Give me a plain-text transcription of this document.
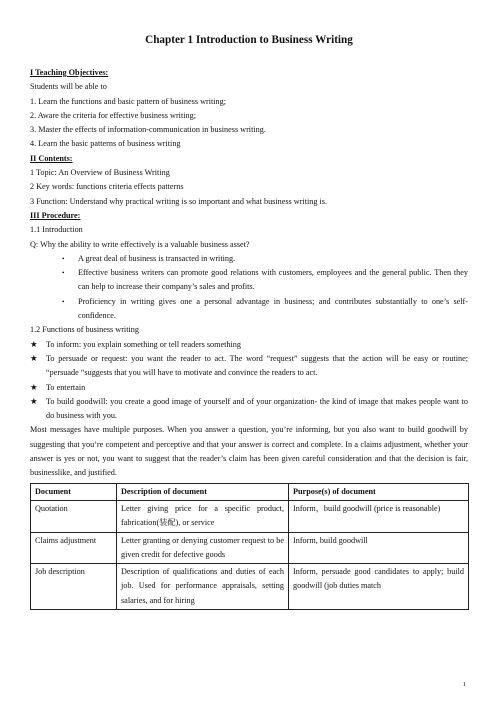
Chapter 1 Introduction to Business Writing

I Teaching Objectives:

Students will be able to

1. Learn the functions and basic pattern of business writing;

2. Aware the criteria for effective business writing;

3. Master the effects of information-communication in business writing.

4. Learn the basic patterns of business writing

II Contents:

1 Topic: An Overview of Business Writing

2 Key words: functions criteria effects patterns

3 Function: Understand why practical writing is so important and what business writing is.

III Procedure:

1.1 Introduction

Q: Why the ability to write effectively is a valuable business asset?

• A great deal of business is transacted in writing.
• Effective business writers can promote good relations with customers, employees and the general public. Then they can help to increase their company’s sales and profits.
• Proficiency in writing gives one a personal advantage in business; and contributes substantially to one’s self-confidence.

1.2 Functions of business writing

★ To inform: you explain something or tell readers something
★ To persuade or request: you want the reader to act. The word “request” suggests that the action will be easy or routine; “persuade “suggests that you will have to motivate and convince the readers to act.
★ To entertain
★ To build goodwill: you create a good image of yourself and of your organization- the kind of image that makes people want to do business with you.

Most messages have multiple purposes. When you answer a question, you’re informing, but you also want to build goodwill by suggesting that you’re competent and perceptive and that your answer is correct and complete. In a claims adjustment, whether your answer is yes or not, you want to suggest that the reader’s claim has been given careful consideration and that the decision is fair, businesslike, and justified.

Document	Description of document	Purpose(s) of document
Quotation	Letter giving price for a specific product, fabrication(装配), or service	Inform，build goodwill (price is reasonable)
Claims adjustment	Letter granting or denying customer request to be given credit for defective goods	Inform, build goodwill
Job description	Description of qualifications and duties of each job. Used for performance appraisals, setting salaries, and for hiring	Inform, persuade good candidates to apply; build goodwill (job duties match
1
